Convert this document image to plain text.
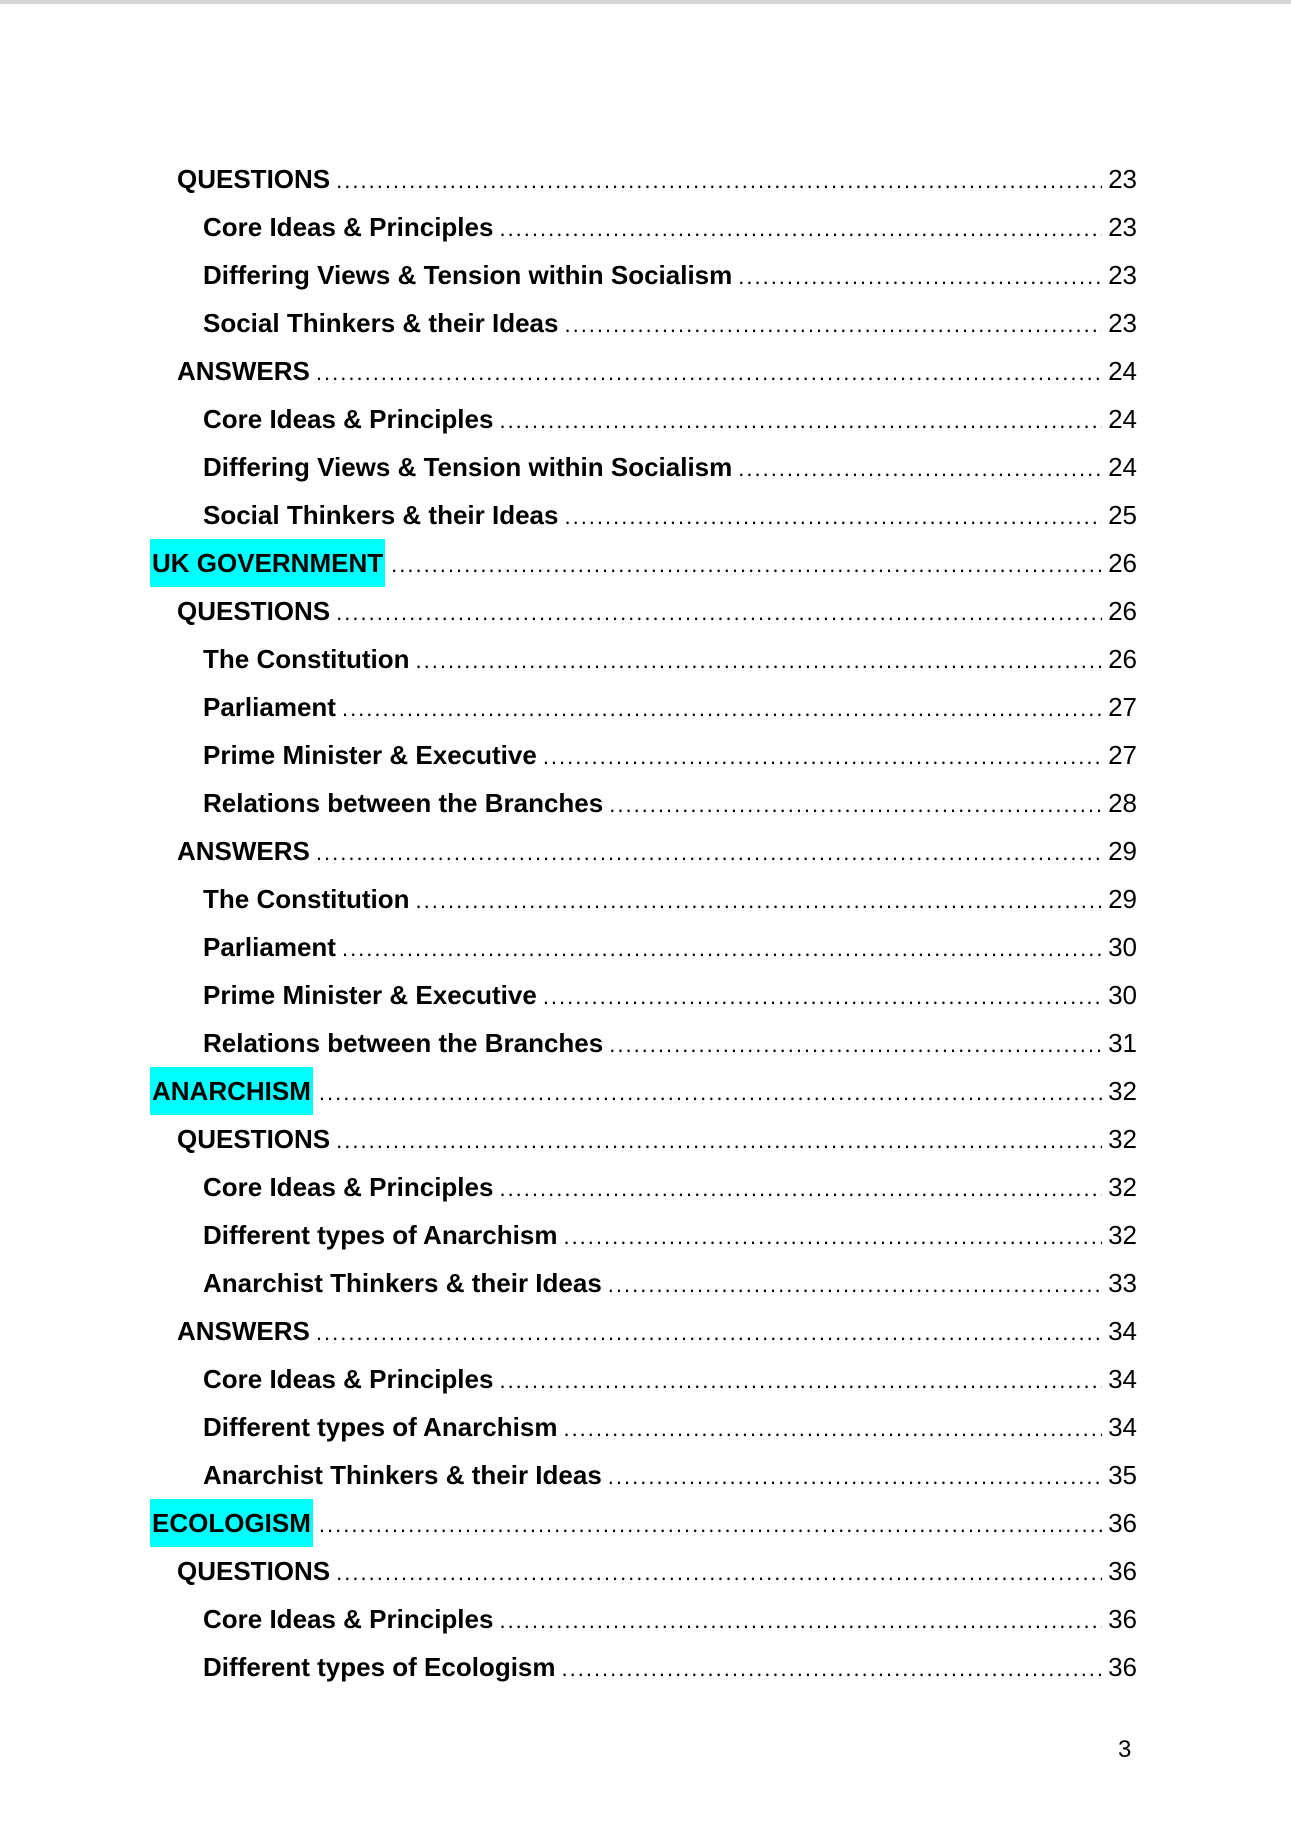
QUESTIONS .....	23
Core Ideas & Principles .....	23
Differing Views & Tension within Socialism .....	23
Social Thinkers & their Ideas .....	23
ANSWERS .....	24
Core Ideas & Principles .....	24
Differing Views & Tension within Socialism .....	24
Social Thinkers & their Ideas .....	25
UK GOVERNMENT .....	26
QUESTIONS .....	26
The Constitution .....	26
Parliament .....	27
Prime Minister & Executive .....	27
Relations between the Branches .....	28
ANSWERS .....	29
The Constitution .....	29
Parliament .....	30
Prime Minister & Executive .....	30
Relations between the Branches .....	31
ANARCHISM .....	32
QUESTIONS .....	32
Core Ideas & Principles .....	32
Different types of Anarchism .....	32
Anarchist Thinkers & their Ideas .....	33
ANSWERS .....	34
Core Ideas & Principles .....	34
Different types of Anarchism .....	34
Anarchist Thinkers & their Ideas .....	35
ECOLOGISM .....	36
QUESTIONS .....	36
Core Ideas & Principles .....	36
Different types of Ecologism .....	36
3
